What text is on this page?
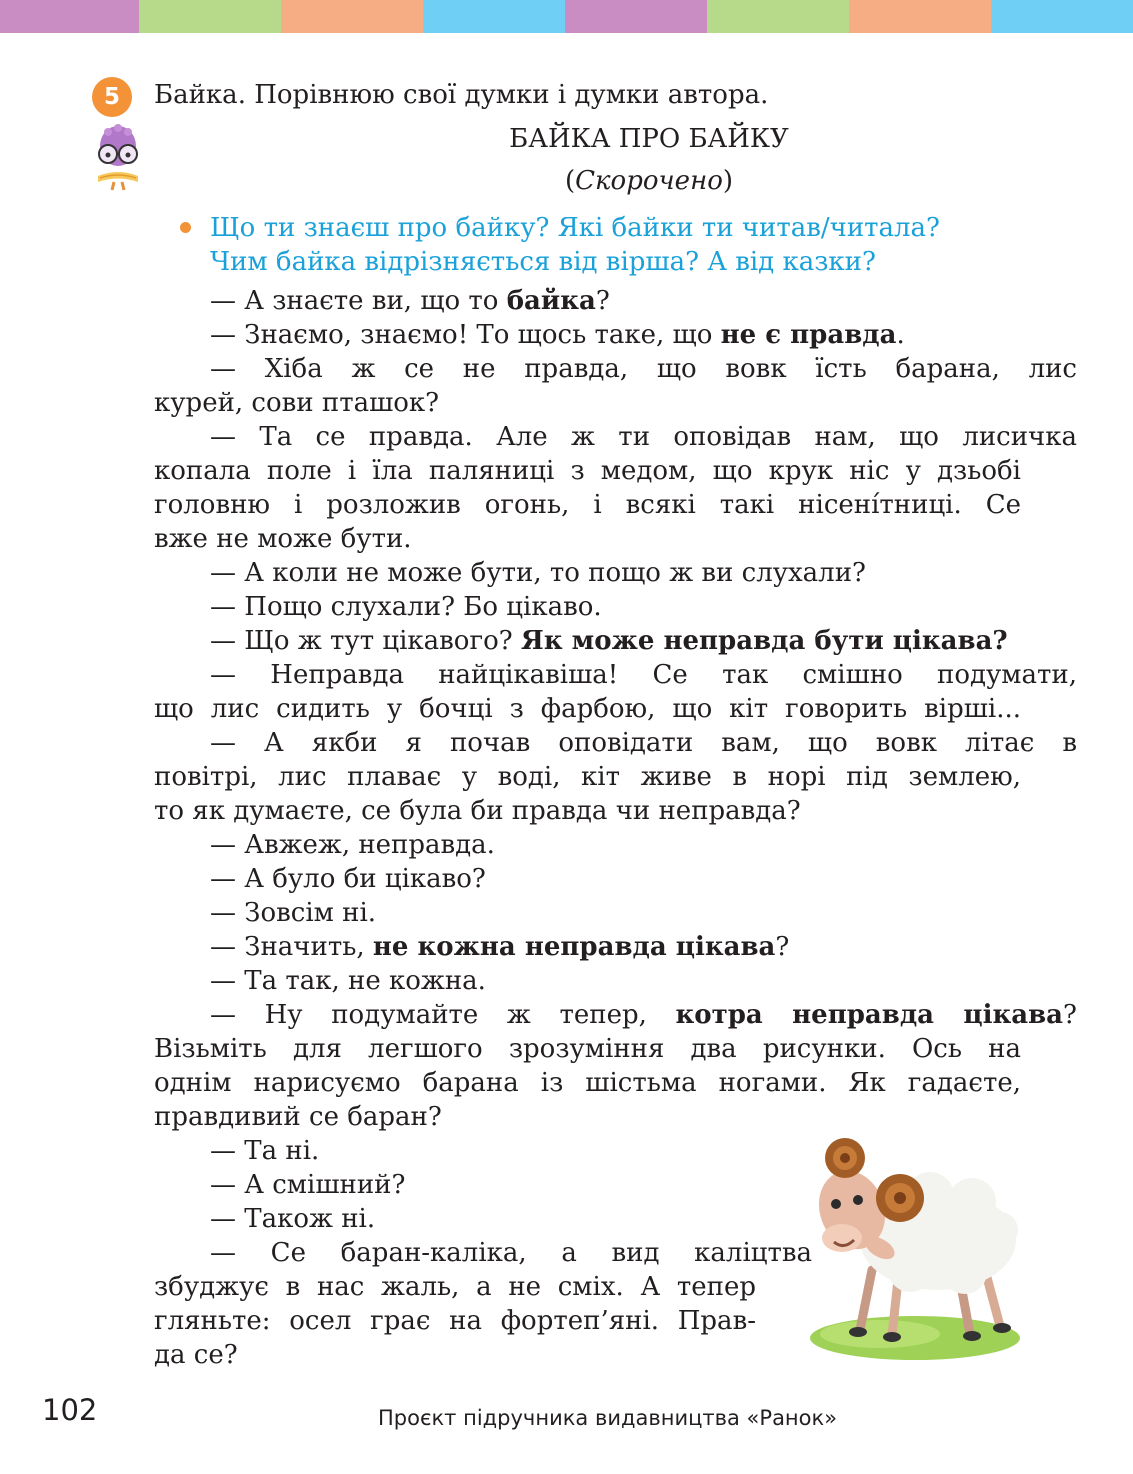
5	Байка. Порівнюю свої думки і думки автора.
БАЙКА ПРО БАЙКУ
(Скорочено)
Що ти знаєш про байку? Які байки ти читав/читала?
Чим байка відрізняється від вірша? А від казки?
— А знаєте ви, що то байка?
— Знаємо, знаємо! То щось таке, що не є правда.
— Хіба ж се не правда, що вовк їсть барана, лис
курей, сови пташок?
— Та се правда. Але ж ти оповідав нам, що лисичка
копала поле і їла паляниці з медом, що крук ніс у дзьобі
головню і розложив огонь, і всякі такі нісені́тниці. Се
вже не може бути.
— А коли не може бути, то пощо ж ви слухали?
— Пощо слухали? Бо цікаво.
— Що ж тут цікавого? Як може неправда бути цікава?
— Неправда найцікавіша! Се так смішно подумати,
що лис сидить у бочці з фарбою, що кіт говорить вірші...
— А якби я почав оповідати вам, що вовк літає в
повітрі, лис плаває у воді, кіт живе в норі під землею,
то як думаєте, се була би правда чи неправда?
— Авжеж, неправда.
— А було би цікаво?
— Зовсім ні.
— Значить, не кожна неправда цікава?
— Та так, не кожна.
— Ну подумайте ж тепер, котра неправда цікава?
Візьміть для легшого зрозуміння два рисунки. Ось на
однім нарисуємо барана із шістьма ногами. Як гадаєте,
правдивий се баран?
— Та ні.
— А смішний?
— Також ні.
— Се баран-каліка, а вид каліцтва
збуджує в нас жаль, а не сміх. А тепер
гляньте: осел грає на фортеп’яні. Прав-
да се?
102	Проєкт підручника видавництва «Ранок»
